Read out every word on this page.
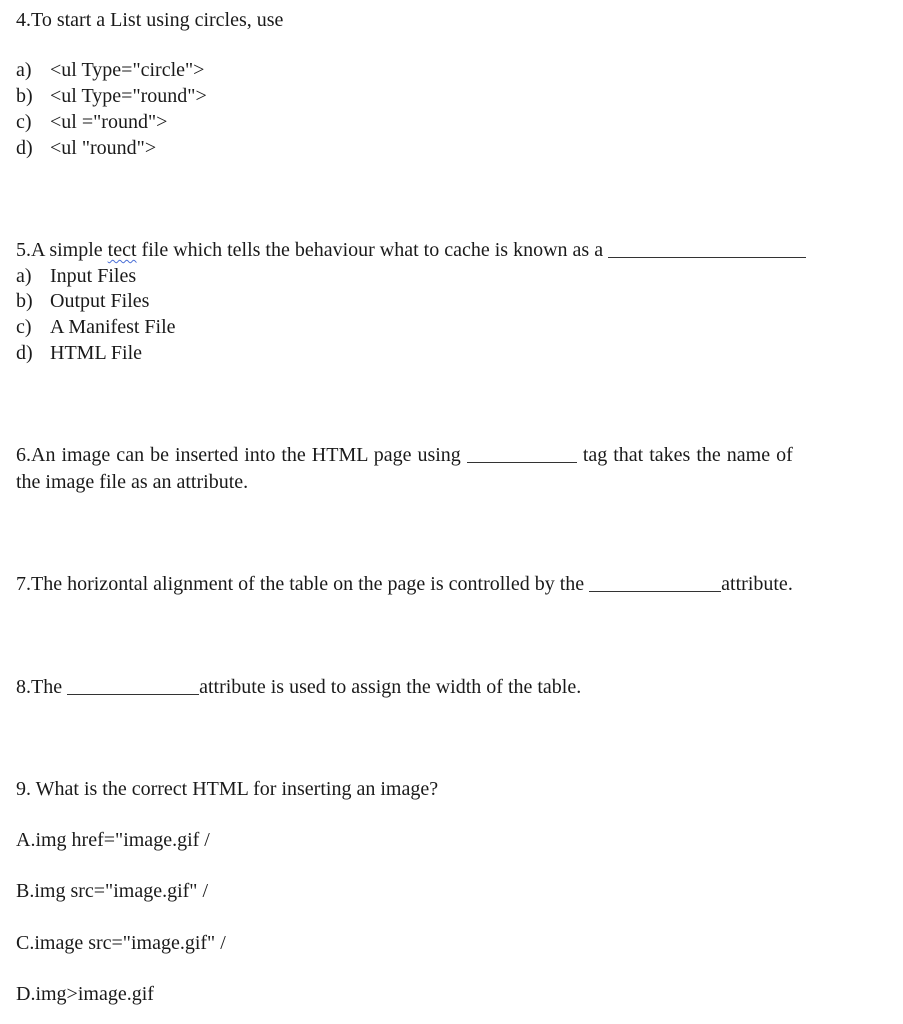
4.To start a List using circles, use
a) <ul Type="circle">
b) <ul Type="round">
c) <ul ="round">
d) <ul "round">
5.A simple tect file which tells the behaviour what to cache is known as a
a) Input Files
b) Output Files
c) A Manifest File
d) HTML File
6.An image can be inserted into the HTML page using	tag that takes the name of
the image file as an attribute.
7.The horizontal alignment of the table on the page is controlled by the	attribute.
8.The	attribute is used to assign the width of the table.
9. What is the correct HTML for inserting an image?
A.img href="image.gif /
B.img src="image.gif" /
C.image src="image.gif" /
D.img>image.gif
